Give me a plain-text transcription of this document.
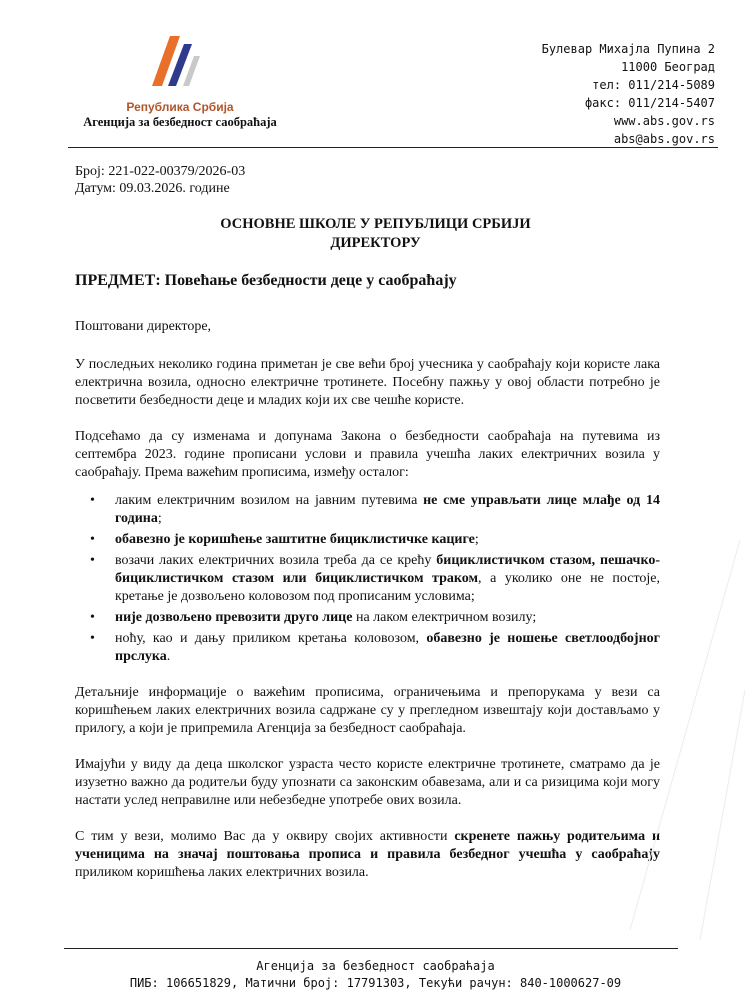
Република Србија
Агенција за безбедност саобраћаја
Булевар Михајла Пупина 2
11000 Београд
тел: 011/214-5089
факс: 011/214-5407
www.abs.gov.rs
abs@abs.gov.rs
Број: 221-022-00379/2026-03
Датум: 09.03.2026. године
ОСНОВНЕ ШКОЛЕ У РЕПУБЛИЦИ СРБИЈИ
ДИРЕКТОРУ
ПРЕДМЕТ: Повећање безбедности деце у саобраћају

Поштовани директоре,

У последњих неколико година приметан је све већи број учесника у саобраћају који користе лака електрична возила, односно електричне тротинете. Посебну пажњу у овој области потребно је посветити безбедности деце и младих који их све чешће користе.

Подсећамо да су изменама и допунама Закона о безбедности саобраћаја на путевима из септембра 2023. године прописани услови и правила учешћа лаких електричних возила у саобраћају. Према важећим прописима, између осталог:

• лаким електричним возилом на јавним путевима не сме управљати лице млађе од 14 година;
• обавезно је коришћење заштитне бициклистичке кациге;
• возачи лаких електричних возила треба да се крећу бициклистичком стазом, пешачко-бициклистичком стазом или бициклистичком траком, а уколико оне не постоје, кретање је дозвољено коловозом под прописаним условима;
• није дозвољено превозити друго лице на лаком електричном возилу;
• ноћу, као и дању приликом кретања коловозом, обавезно је ношење светлоодбојног прслука.

Детаљније информације о важећим прописима, ограничењима и препорукама у вези са коришћењем лаких електричних возила садржане су у прегледном извештају који достављамо у прилогу, а који је припремила Агенција за безбедност саобраћаја.

Имајући у виду да деца школског узраста често користе електричне тротинете, сматрамо да је изузетно важно да родитељи буду упознати са законским обавезама, али и са ризицима који могу настати услед неправилне или небезбедне употребе ових возила.

С тим у вези, молимо Вас да у оквиру својих активности скренете пажњу родитељима и ученицима на значај поштовања прописа и правила безбедног учешћа у саобраћају приликом коришћења лаких електричних возила.

Агенција за безбедност саобраћаја
ПИБ: 106651829, Матични број: 17791303, Текући рачун: 840-1000627-09
